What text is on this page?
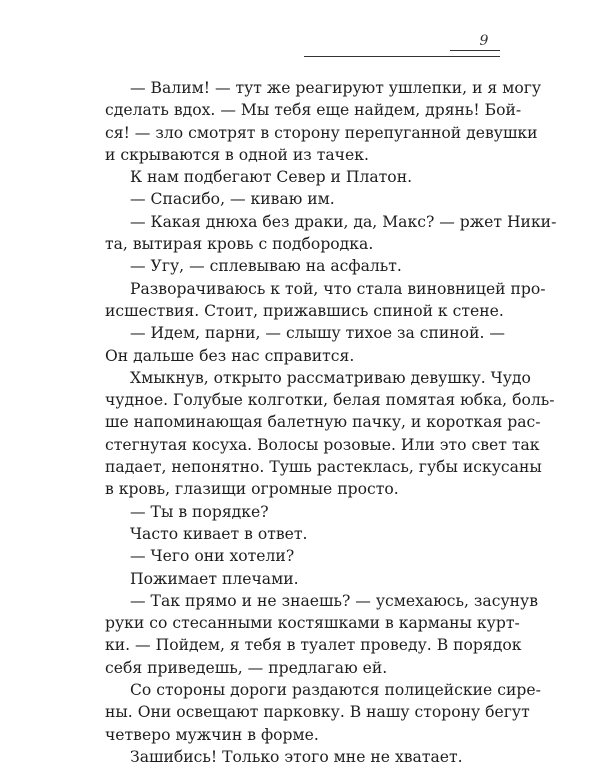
9
— Валим! — тут же реагируют ушлепки, и я могу
сделать вдох. — Мы тебя еще найдем, дрянь! Бой-
ся! — зло смотрят в сторону перепуганной девушки
и скрываются в одной из тачек.
К нам подбегают Север и Платон.
— Спасибо, — киваю им.
— Какая днюха без драки, да, Макс? — ржет Ники-
та, вытирая кровь с подбородка.
— Угу, — сплевываю на асфальт.
Разворачиваюсь к той, что стала виновницей про-
исшествия. Стоит, прижавшись спиной к стене.
— Идем, парни, — слышу тихое за спиной. —
Он дальше без нас справится.
Хмыкнув, открыто рассматриваю девушку. Чудо
чудное. Голубые колготки, белая помятая юбка, боль-
ше напоминающая балетную пачку, и короткая рас-
стегнутая косуха. Волосы розовые. Или это свет так
падает, непонятно. Тушь растеклась, губы искусаны
в кровь, глазищи огромные просто.
— Ты в порядке?
Часто кивает в ответ.
— Чего они хотели?
Пожимает плечами.
— Так прямо и не знаешь? — усмехаюсь, засунув
руки со стесанными костяшками в карманы курт-
ки. — Пойдем, я тебя в туалет проведу. В порядок
себя приведешь, — предлагаю ей.
Со стороны дороги раздаются полицейские сире-
ны. Они освещают парковку. В нашу сторону бегут
четверо мужчин в форме.
Зашибись! Только этого мне не хватает.
